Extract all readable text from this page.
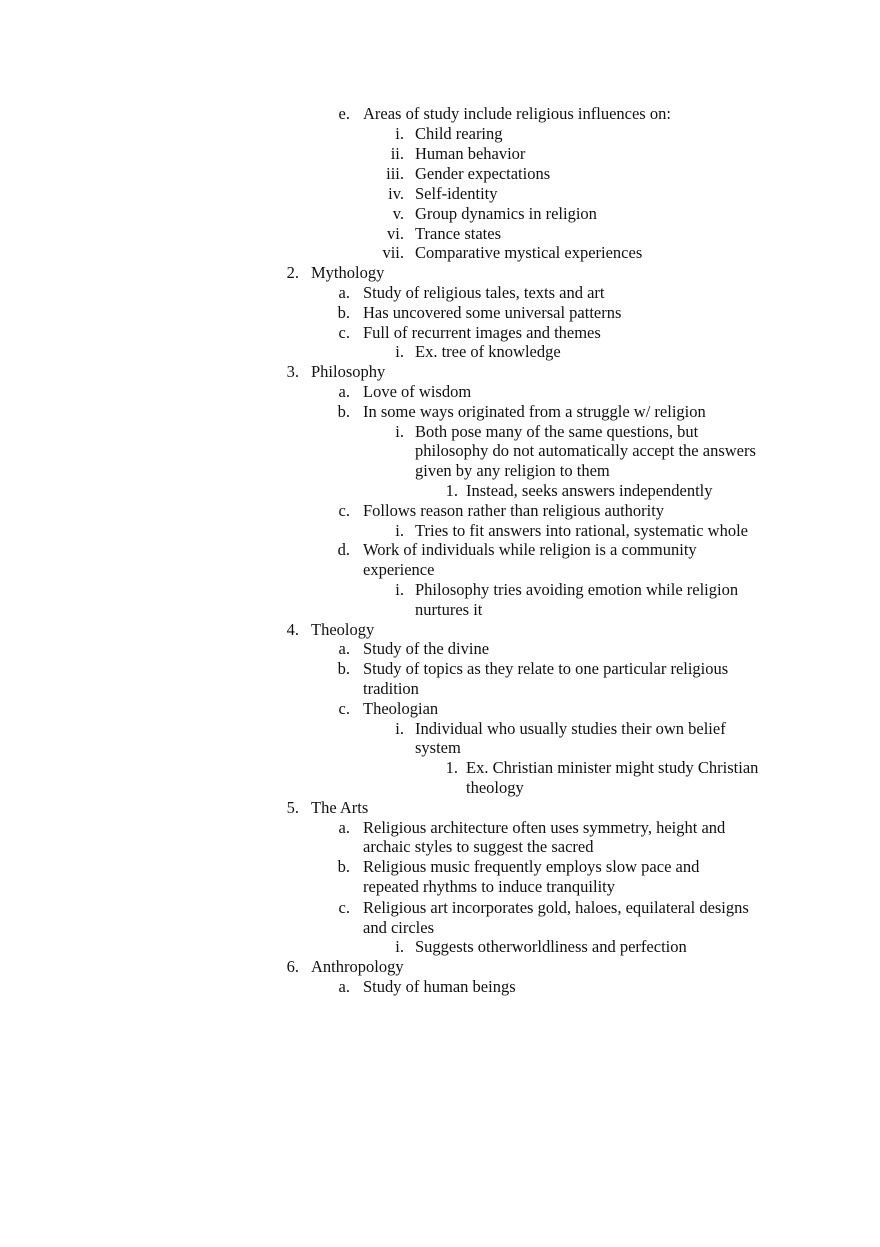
e. Areas of study include religious influences on:
i. Child rearing
ii. Human behavior
iii. Gender expectations
iv. Self-identity
v. Group dynamics in religion
vi. Trance states
vii. Comparative mystical experiences
2. Mythology
a. Study of religious tales, texts and art
b. Has uncovered some universal patterns
c. Full of recurrent images and themes
i. Ex. tree of knowledge
3. Philosophy
a. Love of wisdom
b. In some ways originated from a struggle w/ religion
i. Both pose many of the same questions, but
philosophy do not automatically accept the answers
given by any religion to them
1. Instead, seeks answers independently
c. Follows reason rather than religious authority
i. Tries to fit answers into rational, systematic whole
d. Work of individuals while religion is a community
experience
i. Philosophy tries avoiding emotion while religion
nurtures it
4. Theology
a. Study of the divine
b. Study of topics as they relate to one particular religious
tradition
c. Theologian
i. Individual who usually studies their own belief
system
1. Ex. Christian minister might study Christian
theology
5. The Arts
a. Religious architecture often uses symmetry, height and
archaic styles to suggest the sacred
b. Religious music frequently employs slow pace and
repeated rhythms to induce tranquility
c. Religious art incorporates gold, haloes, equilateral designs
and circles
i. Suggests otherworldliness and perfection
6. Anthropology
a. Study of human beings
